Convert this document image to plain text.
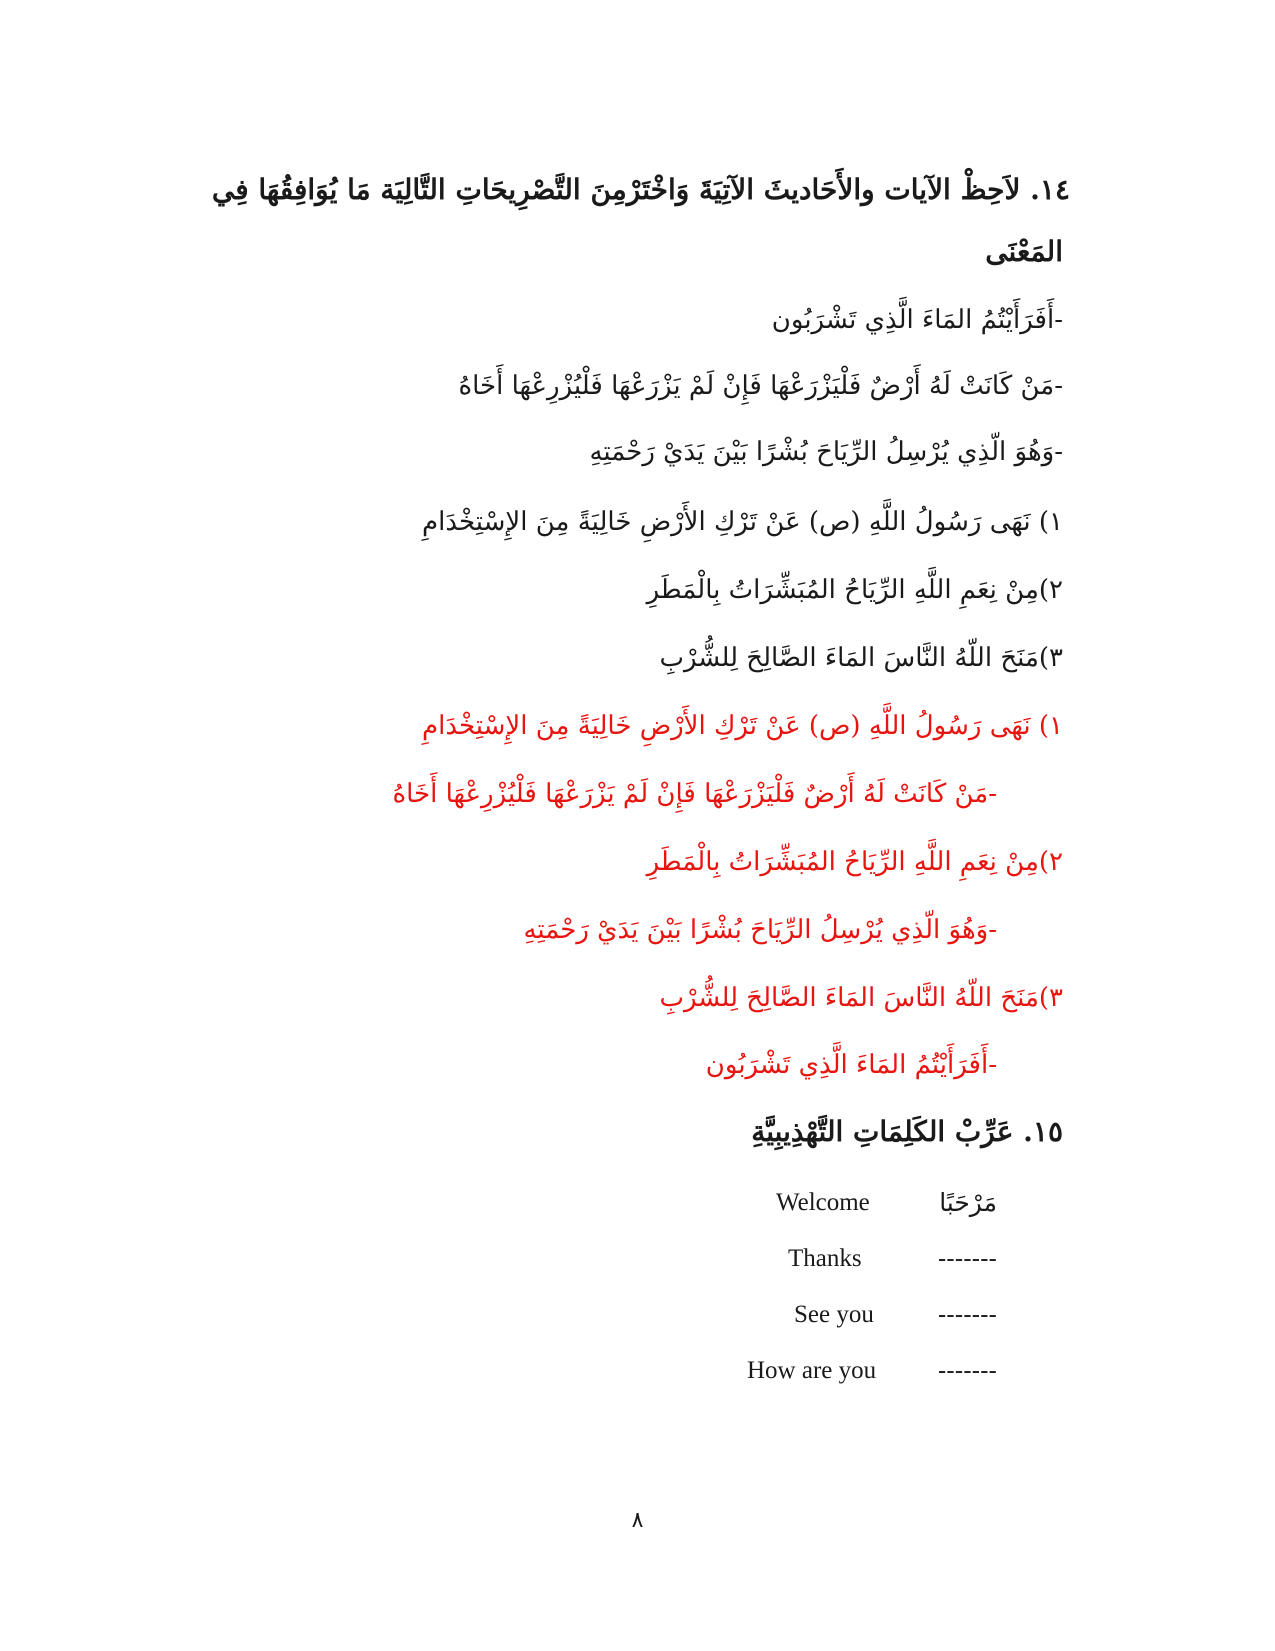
١٤. لاَحِظْ الآيات والأَحَاديثَ الآتِيَةَ وَاخْتَرْمِنَ التَّصْرِيحَاتِ التَّالِيَة مَا يُوَافِقُهَا فِي
المَعْنَى
-أَفَرَأَيْتُمُ المَاءَ الَّذِي تَشْرَبُون
-مَنْ كَانَتْ لَهُ أَرْضٌ فَلْيَزْرَعْهَا فَإِنْ لَمْ يَزْرَعْهَا فَلْيُزْرِعْهَا أَخَاهُ
-وَهُوَ الّذِي يُرْسِلُ الرِّيَاحَ بُشْرًا بَيْنَ يَدَيْ رَحْمَتِهِ
١) نَهَى رَسُولُ اللَّهِ (ص) عَنْ تَرْكِ الأَرْضِ خَالِيَةً مِنَ الإِسْتِخْدَامِ
٢)مِنْ نِعَمِ اللَّهِ الرِّيَاحُ المُبَشِّرَاتُ بِالْمَطَرِ
٣)مَنَحَ اللّهُ النَّاسَ المَاءَ الصَّالِحَ لِلشُّرْبِ
١) نَهَى رَسُولُ اللَّهِ (ص) عَنْ تَرْكِ الأَرْضِ خَالِيَةً مِنَ الإِسْتِخْدَامِ
-مَنْ كَانَتْ لَهُ أَرْضٌ فَلْيَزْرَعْهَا فَإِنْ لَمْ يَزْرَعْهَا فَلْيُزْرِعْهَا أَخَاهُ
٢)مِنْ نِعَمِ اللَّهِ الرِّيَاحُ المُبَشِّرَاتُ بِالْمَطَرِ
-وَهُوَ الّذِي يُرْسِلُ الرِّيَاحَ بُشْرًا بَيْنَ يَدَيْ رَحْمَتِهِ
٣)مَنَحَ اللّهُ النَّاسَ المَاءَ الصَّالِحَ لِلشُّرْبِ
-أَفَرَأَيْتُمُ المَاءَ الَّذِي تَشْرَبُون
١٥. عَرِّبْ الكَلِمَاتِ التَّهْذِيبِيَّةِ
Welcome	مَرْحَبًا
Thanks	-------
See you	-------
How are you	-------
٨
